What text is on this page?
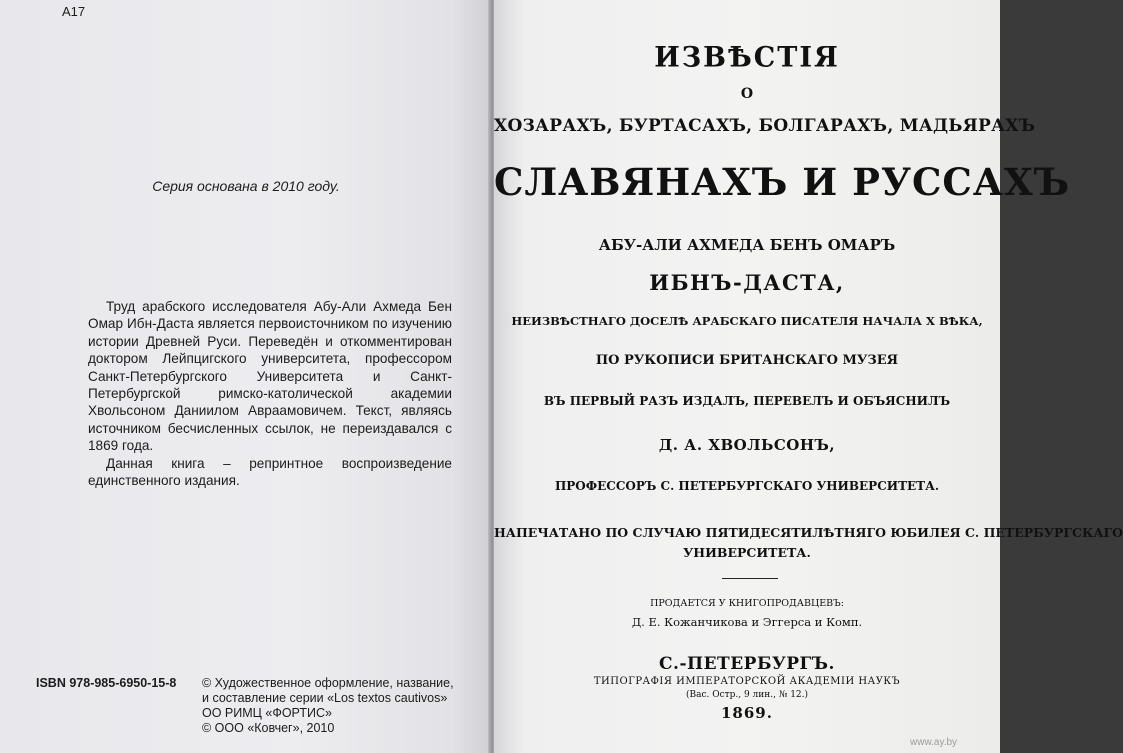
A17
Серия основана в 2010 году.

Труд арабского исследователя Абу-Али Ахмеда Бен Омар Ибн-Даста является первоисточником по изучению истории Древней Руси. Переведён и откомментирован доктором Лейпцигского университета, профессором Санкт-Петербургского Университета и Санкт-Петербургской римско-католической академии Хвольсоном Даниилом Авраамовичем. Текст, являясь источником бесчисленных ссылок, не переиздавался с 1869 года.

Данная книга – репринтное воспроизведение единственного издания.

ISBN 978-985-6950-15-8 © Художественное оформление, название,
и составление серии «Los textos cautivos»
ОО РИМЦ «ФОРТИС»
© ООО «Ковчег», 2010
ИЗВѢСТІЯ
О
ХОЗАРАХЪ, БУРТАСАХЪ, БОЛГАРАХЪ, МАДЬЯРАХЪ
СЛАВЯНАХЪ И РУССАХЪ
АБУ-АЛИ АХМЕДА БЕНЪ ОМАРЪ
ИБНЪ-ДАСТА,
НЕИЗВѢСТНАГО ДОСЕЛѢ АРАБСКАГО ПИСАТЕЛЯ НАЧАЛА X ВѢКА,
ПО РУКОПИСИ БРИТАНСКАГО МУЗЕЯ
ВЪ ПЕРВЫЙ РАЗЪ ИЗДАЛЪ, ПЕРЕВЕЛЪ И ОБЪЯСНИЛЪ
Д. А. ХВОЛЬСОНЪ,
ПРОФЕССОРЪ С. ПЕТЕРБУРГСКАГО УНИВЕРСИТЕТА.
НАПЕЧАТАНО ПО СЛУЧАЮ ПЯТИДЕСЯТИЛѢТНЯГО ЮБИЛЕЯ С. ПЕТЕРБУРГСКАГО
УНИВЕРСИТЕТА.
ПРОДАЕТСЯ У КНИГОПРОДАВЦЕВЪ:
Д. Е. Кожанчикова и Эггерса и Комп.
С.-ПЕТЕРБУРГЪ.
ТИПОГРАФІЯ ИМПЕРАТОРСКОЙ АКАДЕМІИ НАУКЪ
(Вас. Остр., 9 лин., № 12.)
1869.
www.ay.by
